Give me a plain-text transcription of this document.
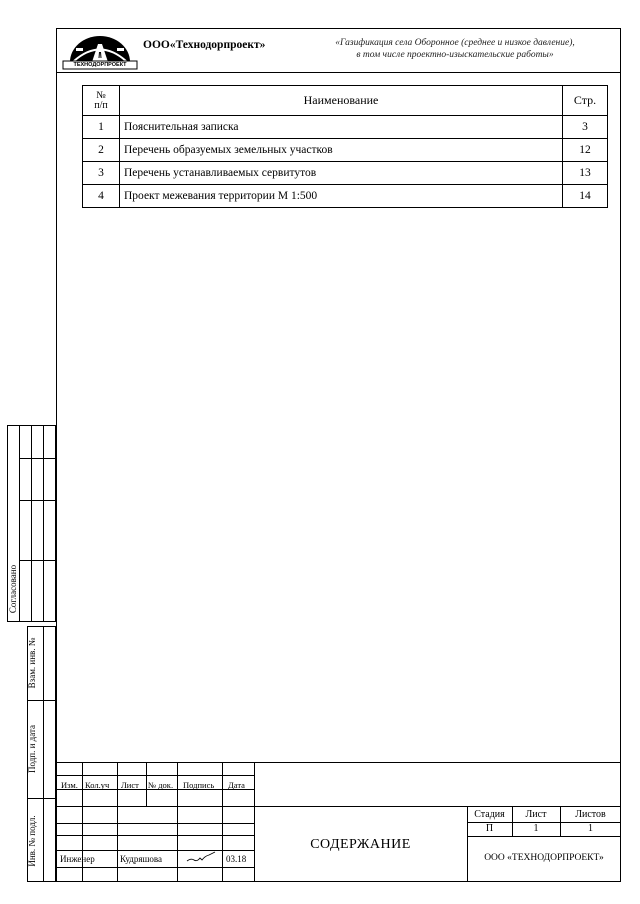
ТЕХНОДОРПРОЕКТ
ООО«Технодорпроект»	«Газификация села Оборонное (среднее и низкое давление),
в том числе проектно-изыскательские работы»
№
п/п	Наименование	Стр.
1	Пояснительная записка	3
2	Перечень образуемых земельных участков	12
3	Перечень устанавливаемых сервитутов	13
4	Проект межевания территории М 1:500	14
Согласовано
Взам. инв. №
Подп. и дата
Инв. № подл.
Изм. Кол.уч Лист № док. Подпись Дата
Инженер	Кудряшова	03.18
СОДЕРЖАНИЕ
Стадия	Лист	Листов
П	1	1
ООО «ТЕХНОДОРПРОЕКТ»
